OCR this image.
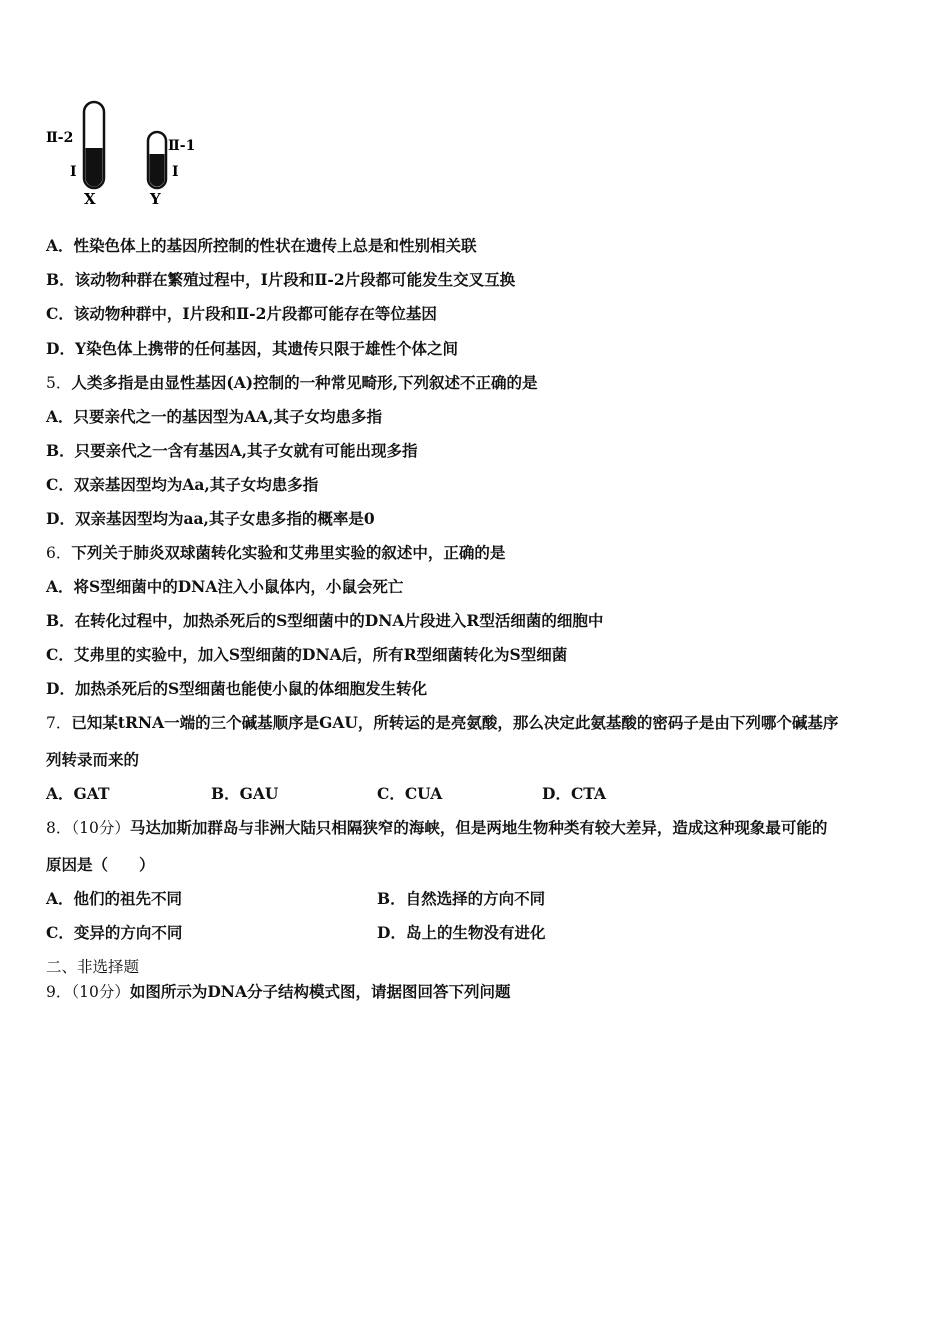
Ⅱ-2
Ⅰ
X
Ⅱ-1
Ⅰ
Y
A．性染色体上的基因所控制的性状在遗传上总是和性别相关联
B．该动物种群在繁殖过程中，Ⅰ片段和Ⅱ-2片段都可能发生交叉互换
C．该动物种群中，Ⅰ片段和Ⅱ-2片段都可能存在等位基因
D．Y染色体上携带的任何基因，其遗传只限于雄性个体之间
5．人类多指是由显性基因(A)控制的一种常见畸形,下列叙述不正确的是
A．只要亲代之一的基因型为AA,其子女均患多指
B．只要亲代之一含有基因A,其子女就有可能出现多指
C．双亲基因型均为Aa,其子女均患多指
D．双亲基因型均为aa,其子女患多指的概率是0
6．下列关于肺炎双球菌转化实验和艾弗里实验的叙述中，正确的是
A．将S型细菌中的DNA注入小鼠体内，小鼠会死亡
B．在转化过程中，加热杀死后的S型细菌中的DNA片段进入R型活细菌的细胞中
C．艾弗里的实验中，加入S型细菌的DNA后，所有R型细菌转化为S型细菌
D．加热杀死后的S型细菌也能使小鼠的体细胞发生转化
7．已知某tRNA一端的三个碱基顺序是GAU，所转运的是亮氨酸，那么决定此氨基酸的密码子是由下列哪个碱基序
列转录而来的
A．GAT	B．GAU	C．CUA	D．CTA
8．（10分）马达加斯加群岛与非洲大陆只相隔狭窄的海峡，但是两地生物种类有较大差异，造成这种现象最可能的
原因是（　　）
A．他们的祖先不同	B．自然选择的方向不同
C．变异的方向不同	D．岛上的生物没有进化
二、非选择题
9．（10分）如图所示为DNA分子结构模式图，请据图回答下列问题
